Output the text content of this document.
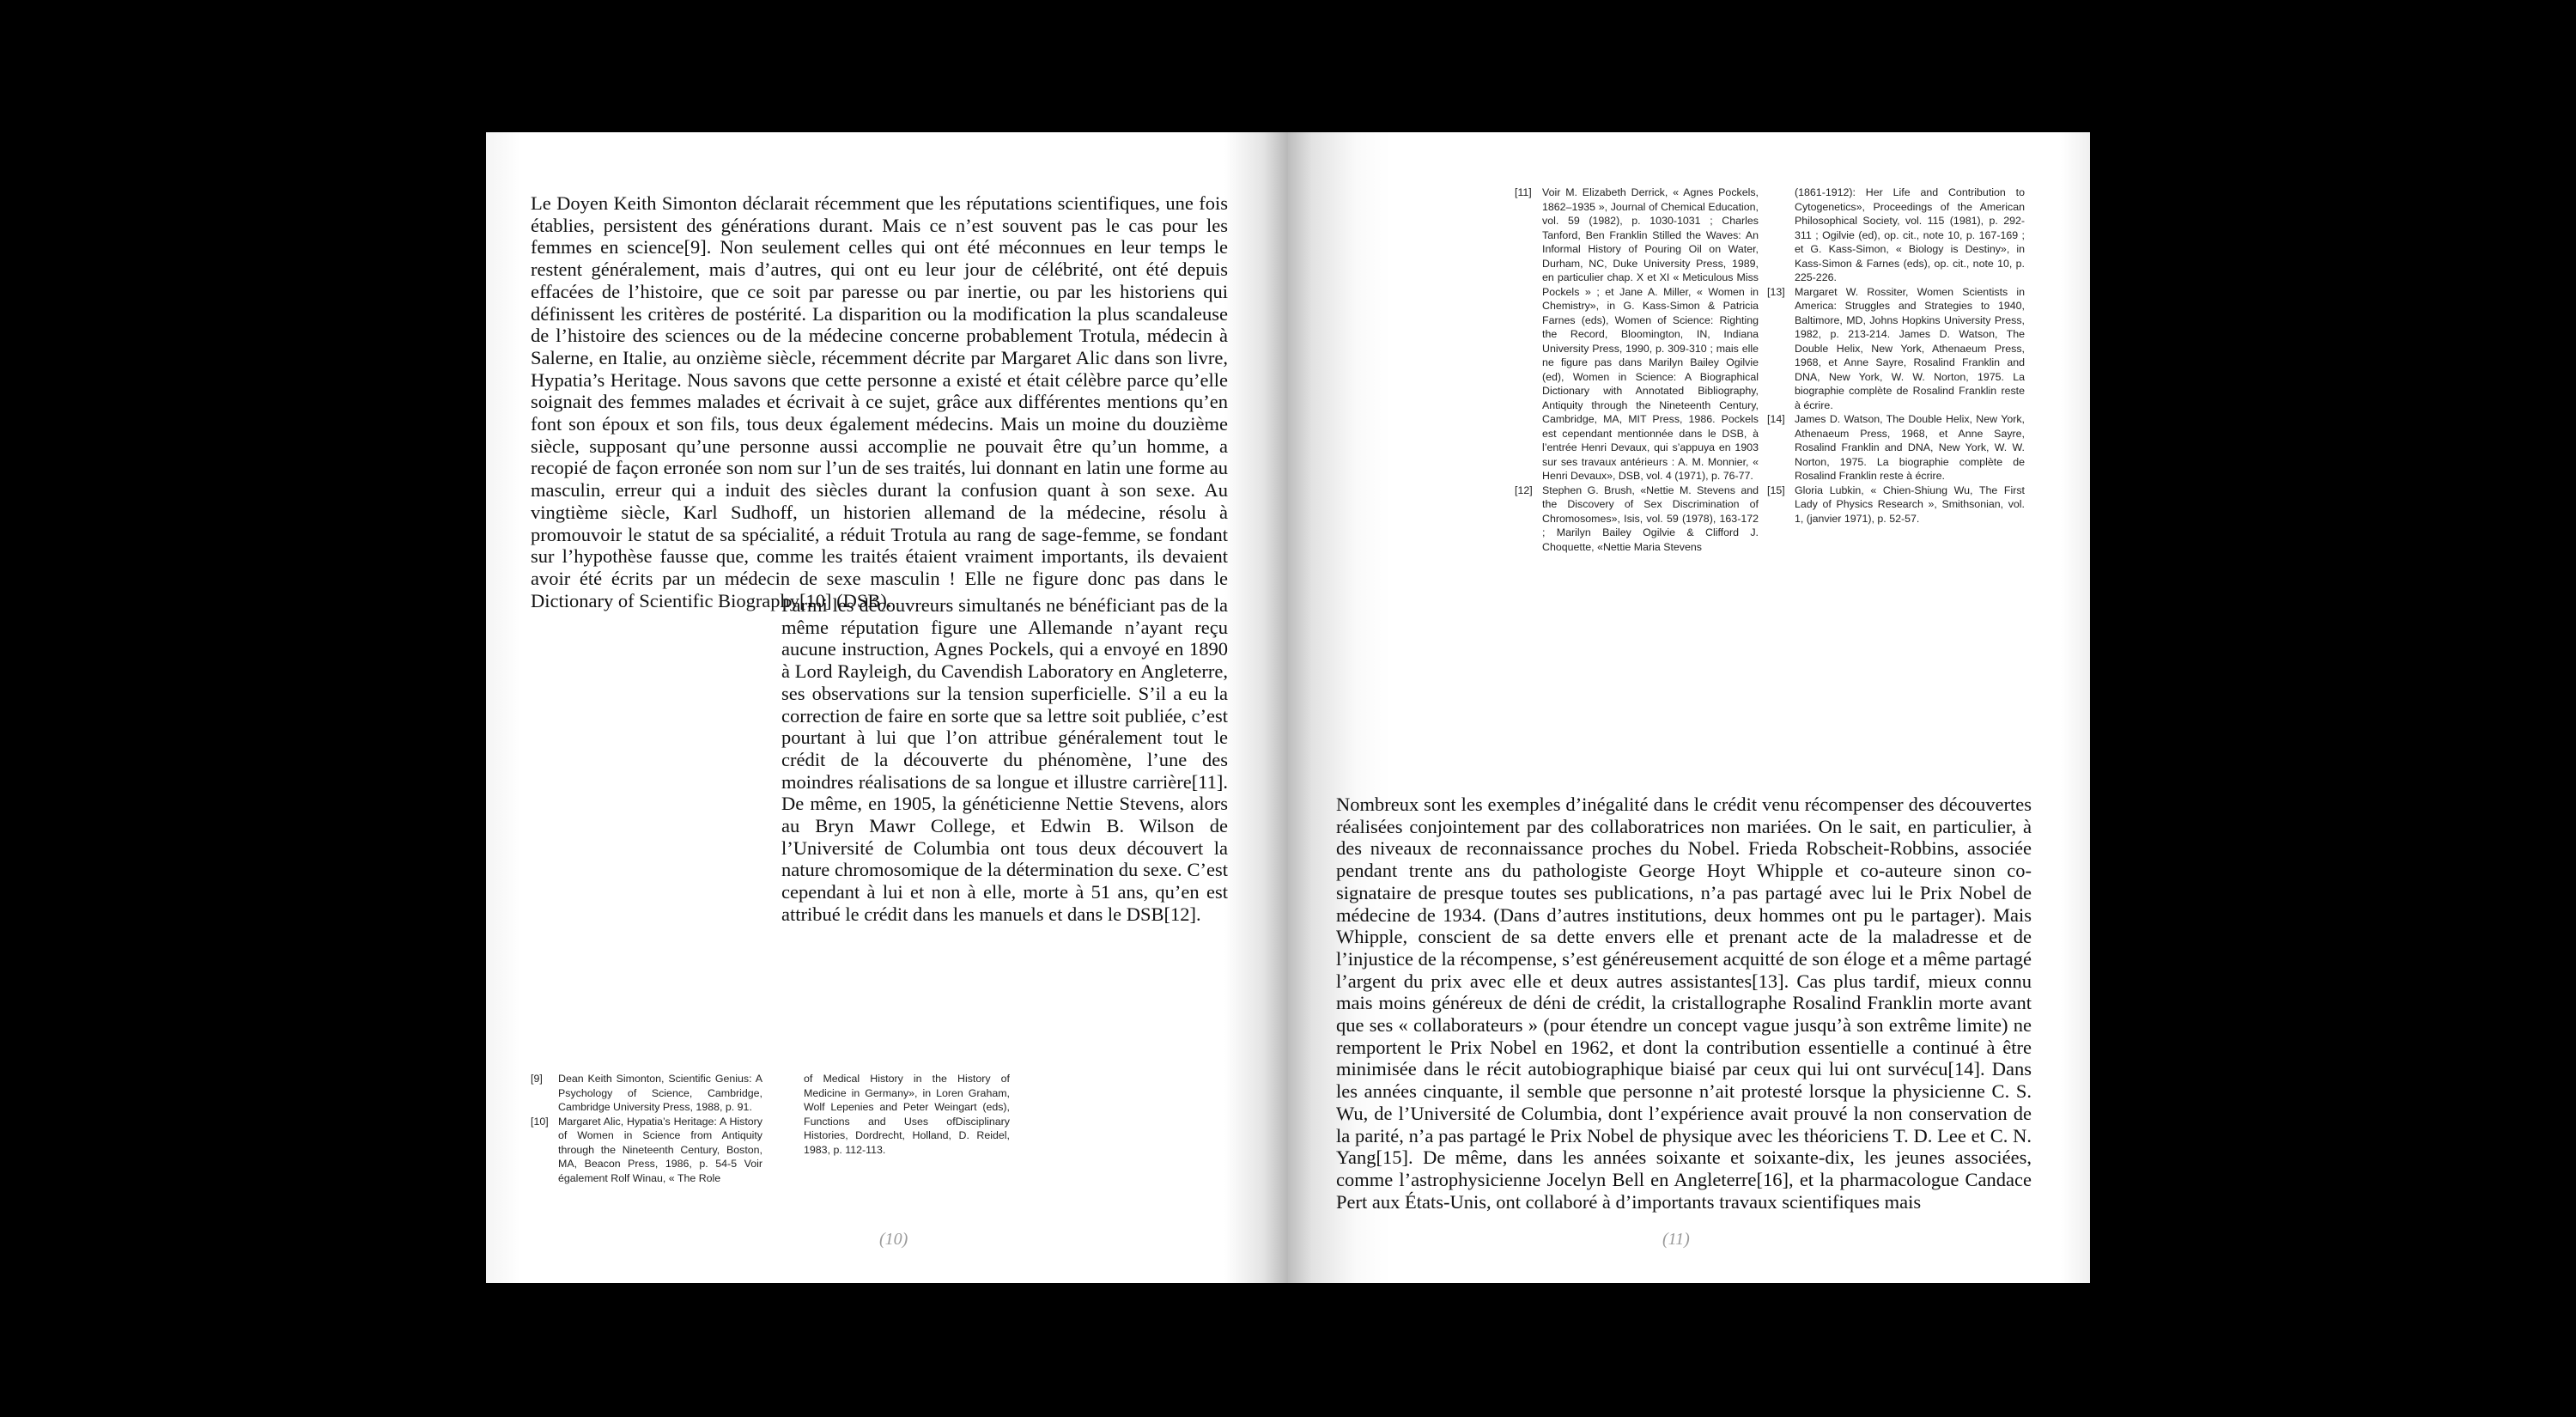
Le Doyen Keith Simonton déclarait récemment que les réputations scientifiques, une fois établies, persistent des générations durant. Mais ce n’est souvent pas le cas pour les femmes en science[9]. Non seulement celles qui ont été méconnues en leur temps le restent généralement, mais d’autres, qui ont eu leur jour de célébrité, ont été depuis effacées de l’histoire, que ce soit par paresse ou par inertie, ou par les historiens qui définissent les critères de postérité. La disparition ou la modification la plus scandaleuse de l’histoire des sciences ou de la médecine concerne probablement Trotula, médecin à Salerne, en Italie, au onzième siècle, récemment décrite par Margaret Alic dans son livre, Hypatia’s Heritage. Nous savons que cette personne a existé et était célèbre parce qu’elle soignait des femmes malades et écrivait à ce sujet, grâce aux différentes mentions qu’en font son époux et son fils, tous deux également médecins. Mais un moine du douzième siècle, supposant qu’une personne aussi accomplie ne pouvait être qu’un homme, a recopié de façon erronée son nom sur l’un de ses traités, lui donnant en latin une forme au masculin, erreur qui a induit des siècles durant la confusion quant à son sexe. Au vingtième siècle, Karl Sudhoff, un historien allemand de la médecine, résolu à promouvoir le statut de sa spécialité, a réduit Trotula au rang de sage-femme, se fondant sur l’hypothèse fausse que, comme les traités étaient vraiment importants, ils devaient avoir été écrits par un médecin de sexe masculin ! Elle ne figure donc pas dans le Dictionary of Scientific Biography[10] (DSB).

Parmi les découvreurs simultanés ne bénéficiant pas de la même réputation figure une Allemande n’ayant reçu aucune instruction, Agnes Pockels, qui a envoyé en 1890 à Lord Rayleigh, du Cavendish Laboratory en Angleterre, ses observations sur la tension superficielle. S’il a eu la correction de faire en sorte que sa lettre soit publiée, c’est pourtant à lui que l’on attribue généralement tout le crédit de la découverte du phénomène, l’une des moindres réalisations de sa longue et illustre carrière[11]. De même, en 1905, la généticienne Nettie Stevens, alors au Bryn Mawr College, et Edwin B. Wilson de l’Université de Columbia ont tous deux découvert la nature chromosomique de la détermination du sexe. C’est cependant à lui et non à elle, morte à 51 ans, qu’en est attribué le crédit dans les manuels et dans le DSB[12].

[9]	Dean Keith Simonton, Scientific Genius: A Psychology of Science, Cambridge, Cambridge University Press, 1988, p. 91.
[10] Margaret Alic, Hypatia’s Heritage: A History of Women in Science from Antiquity through the Nineteenth Century, Boston, MA, Beacon Press, 1986, p. 54-5 Voir également Rolf Winau, « The Role

of Medical History in the History of Medicine in Germany», in Loren Graham, Wolf Lepenies and Peter Weingart (eds), Functions and Uses ofDisciplinary Histories, Dordrecht, Holland, D. Reidel, 1983, p. 112-113.

(10)
[11] Voir M. Elizabeth Derrick, « Agnes Pockels, 1862–1935 », Journal of Chemical Education, vol. 59 (1982), p. 1030-1031 ; Charles Tanford, Ben Franklin Stilled the Waves: An Informal History of Pouring Oil on Water, Durham, NC, Duke University Press, 1989, en particulier chap. X et XI « Meticulous Miss Pockels » ; et Jane A. Miller, « Women in Chemistry», in G. Kass-Simon & Patricia Farnes (eds), Women of Science: Righting the Record, Bloomington, IN, Indiana University Press, 1990, p. 309-310 ; mais elle ne figure pas dans Marilyn Bailey Ogilvie (ed), Women in Science: A Biographical Dictionary with Annotated Bibliography, Antiquity through the Nineteenth Century, Cambridge, MA, MIT Press, 1986. Pockels est cependant mentionnée dans le DSB, à l’entrée Henri Devaux, qui s’appuya en 1903 sur ses travaux antérieurs : A. M. Monnier, « Henri Devaux», DSB, vol. 4 (1971), p. 76-77.
[12] Stephen G. Brush, «Nettie M. Stevens and the Discovery of Sex Discrimination of Chromosomes», Isis, vol. 59 (1978), 163-172 ; Marilyn Bailey Ogilvie & Clifford J. Choquette, «Nettie Maria Stevens

(1861-1912): Her Life and Contribution to Cytogenetics», Proceedings of the American Philosophical Society, vol. 115 (1981), p. 292-311 ; Ogilvie (ed), op. cit., note 10, p. 167-169 ; et G. Kass-Simon, « Biology is Destiny», in Kass-Simon & Farnes (eds), op. cit., note 10, p. 225-226.

[13] Margaret W. Rossiter, Women Scientists in America: Struggles and Strategies to 1940, Baltimore, MD, Johns Hopkins University Press, 1982, p. 213-214. James D. Watson, The Double Helix, New York, Athenaeum Press, 1968, et Anne Sayre, Rosalind Franklin and DNA, New York, W. W. Norton, 1975. La biographie complète de Rosalind Franklin reste à écrire.
[14] James D. Watson, The Double Helix, New York, Athenaeum Press, 1968, et Anne Sayre, Rosalind Franklin and DNA, New York, W. W. Norton, 1975. La biographie complète de Rosalind Franklin reste à écrire.
[15] Gloria Lubkin, « Chien-Shiung Wu, The First Lady of Physics Research », Smithsonian, vol. 1, (janvier 1971), p. 52-57.

Nombreux sont les exemples d’inégalité dans le crédit venu récompenser des découvertes réalisées conjointement par des collaboratrices non mariées. On le sait, en particulier, à des niveaux de reconnaissance proches du Nobel. Frieda Robscheit-Robbins, associée pendant trente ans du pathologiste George Hoyt Whipple et co-auteure sinon co-signataire de presque toutes ses publications, n’a pas partagé avec lui le Prix Nobel de médecine de 1934. (Dans d’autres institutions, deux hommes ont pu le partager). Mais Whipple, conscient de sa dette envers elle et prenant acte de la maladresse et de l’injustice de la récompense, s’est généreusement acquitté de son éloge et a même partagé l’argent du prix avec elle et deux autres assistantes[13]. Cas plus tardif, mieux connu mais moins généreux de déni de crédit, la cristallographe Rosalind Franklin morte avant que ses « collaborateurs » (pour étendre un concept vague jusqu’à son extrême limite) ne remportent le Prix Nobel en 1962, et dont la contribution essentielle a continué à être minimisée dans le récit autobiographique biaisé par ceux qui lui ont survécu[14]. Dans les années cinquante, il semble que personne n’ait protesté lorsque la physicienne C. S. Wu, de l’Université de Columbia, dont l’expérience avait prouvé la non conservation de la parité, n’a pas partagé le Prix Nobel de physique avec les théoriciens T. D. Lee et C. N. Yang[15]. De même, dans les années soixante et soixante-dix, les jeunes associées, comme l’astrophysicienne Jocelyn Bell en Angleterre[16], et la pharmacologue Candace Pert aux États-Unis, ont collaboré à d’importants travaux scientifiques mais

(11)
